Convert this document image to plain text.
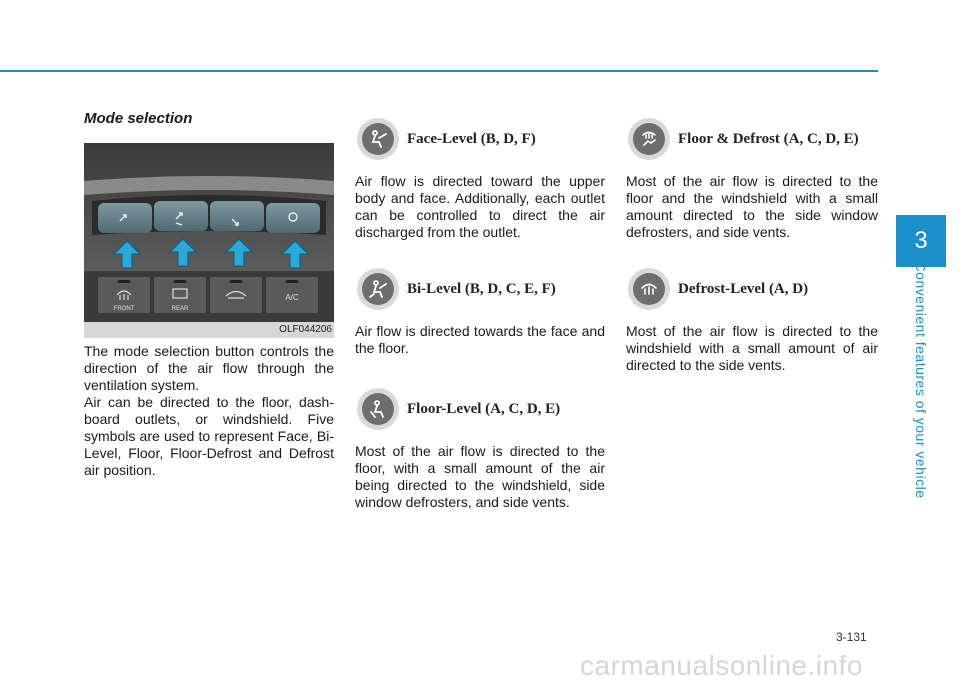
Mode selection
FRONT	REAR
A/C
OLF044206

The mode selection button controls the direction of the air flow through the ventilation system.

Air can be directed to the floor, dash-board outlets, or windshield. Five symbols are used to represent Face, Bi-Level, Floor, Floor-Defrost and Defrost air position.

Face-Level (B, D, F)

Air flow is directed toward the upper body and face. Additionally, each outlet can be controlled to direct the air discharged from the outlet.

Bi-Level (B, D, C, E, F)

Air flow is directed towards the face and the floor.

Floor-Level (A, C, D, E)

Most of the air flow is directed to the floor, with a small amount of the air being directed to the windshield, side window defrosters, and side vents.

Floor & Defrost (A, C, D, E)

Most of the air flow is directed to the floor and the windshield with a small amount directed to the side window defrosters, and side vents.

Defrost-Level (A, D)

Most of the air flow is directed to the windshield with a small amount of air directed to the side vents.

3
Convenient features of your vehicle
3-131
carmanualsonline.info
